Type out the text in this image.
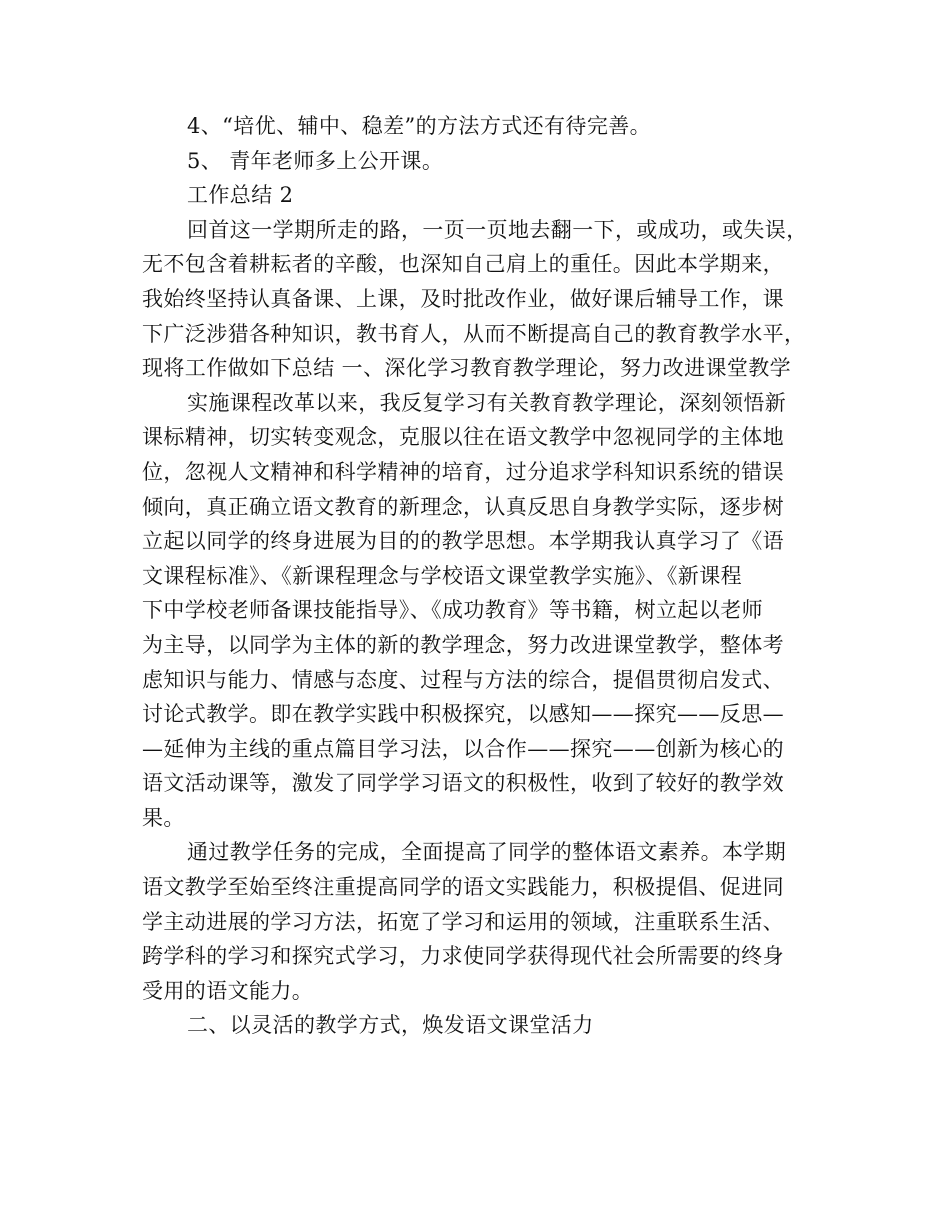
4、“培优、辅中、稳差”的方法方式还有待完善。
5、 青年老师多上公开课。
工作总结 2
回首这一学期所走的路，一页一页地去翻一下，或成功，或失误，
无不包含着耕耘者的辛酸，也深知自己肩上的重任。因此本学期来，
我始终坚持认真备课、上课，及时批改作业，做好课后辅导工作，课
下广泛涉猎各种知识，教书育人，从而不断提高自己的教育教学水平，
现将工作做如下总结 一、深化学习教育教学理论，努力改进课堂教学
实施课程改革以来，我反复学习有关教育教学理论，深刻领悟新
课标精神，切实转变观念，克服以往在语文教学中忽视同学的主体地
位，忽视人文精神和科学精神的培育，过分追求学科知识系统的错误
倾向，真正确立语文教育的新理念，认真反思自身教学实际，逐步树
立起以同学的终身进展为目的的教学思想。本学期我认真学习了《语
文课程标准》、《新课程理念与学校语文课堂教学实施》、《新课程
下中学校老师备课技能指导》、《成功教育》等书籍，树立起以老师
为主导，以同学为主体的新的教学理念，努力改进课堂教学，整体考
虑知识与能力、情感与态度、过程与方法的综合，提倡贯彻启发式、
讨论式教学。即在教学实践中积极探究，以感知——探究——反思—
—延伸为主线的重点篇目学习法，以合作——探究——创新为核心的
语文活动课等，激发了同学学习语文的积极性，收到了较好的教学效
果。
通过教学任务的完成，全面提高了同学的整体语文素养。本学期
语文教学至始至终注重提高同学的语文实践能力，积极提倡、促进同
学主动进展的学习方法，拓宽了学习和运用的领域，注重联系生活、
跨学科的学习和探究式学习，力求使同学获得现代社会所需要的终身
受用的语文能力。
二、以灵活的教学方式，焕发语文课堂活力
